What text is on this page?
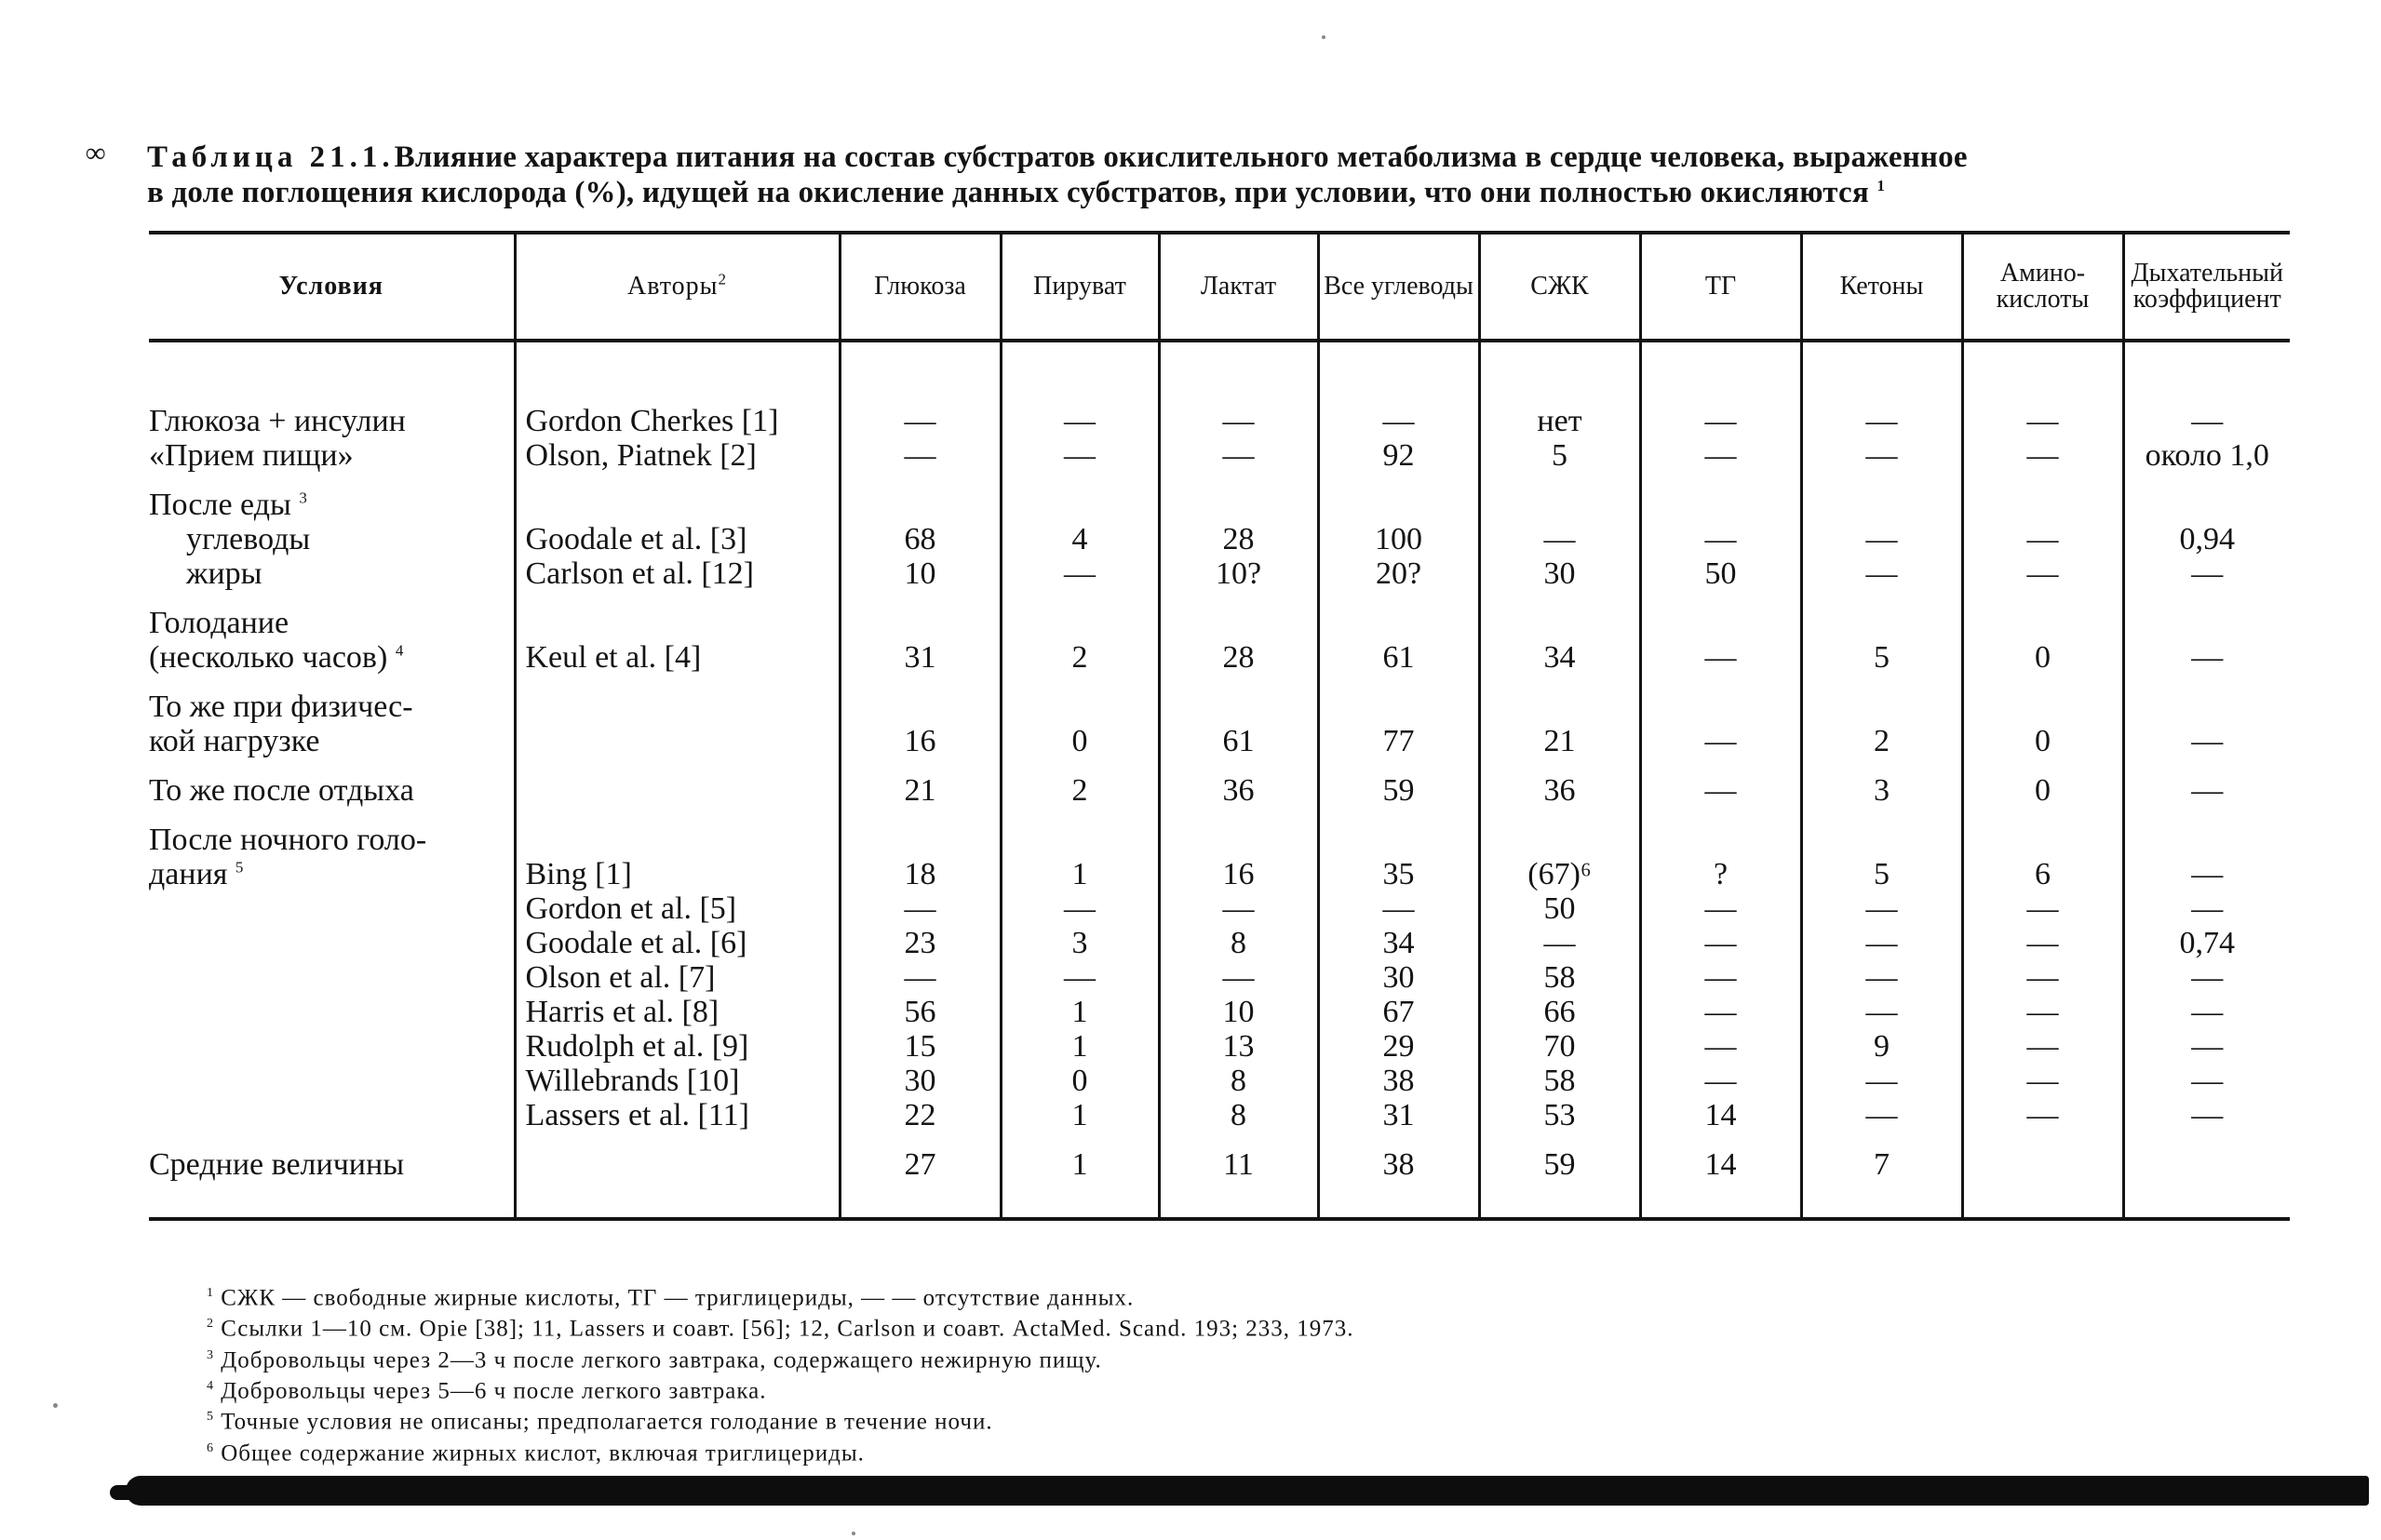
∞ Таблица 21.1.Влияние характера питания на состав субстратов окислительного метаболизма в сердце человека, выраженное
в доле поглощения кислорода (%), идущей на окисление данных субстратов, при условии, что они полностью окисляются $^1$
Условия	Авторы$^2$	Глюкоза	Пируват	Лактат	Все углеводы	СЖК	ТГ	Кетоны	Амино-кислоты	Дыхательный коэффициент

Глюкоза + инсулин	Gordon Cherkes [1]	—	—	—	—	нет	—	—	—	—
«Прием пищи»	Olson, Piatnek [2]	—	—	—	92	5	—	—	—	около 1,0
После еды $^3$										
углеводы	Goodale et al. [3]	68	4	28	100	—	—	—	—	0,94
жиры	Carlson et al. [12]	10	—	10?	20?	30	50	—	—	—
Голодание										
(несколько часов) $^4$	Keul et al. [4]	31	2	28	61	34	—	5	0	—
То же при физичес-										
кой нагрузке		16	0	61	77	21	—	2	0	—
То же после отдыха		21	2	36	59	36	—	3	0	—
После ночного голо-										
дания $^5$	Bing [1]	18	1	16	35	(67)⁶	?	5	6	—
	Gordon et al. [5]	—	—	—	—	50	—	—	—	—
	Goodale et al. [6]	23	3	8	34	—	—	—	—	0,74
	Olson et al. [7]	—	—	—	30	58	—	—	—	—
	Harris et al. [8]	56	1	10	67	66	—	—	—	—
	Rudolph et al. [9]	15	1	13	29	70	—	9	—	—
	Willebrands [10]	30	0	8	38	58	—	—	—	—
	Lassers et al. [11]	22	1	8	31	53	14	—	—	—
Средние величины		27	1	11	38	59	14	7		
$^1$ СЖК — свободные жирные кислоты, ТГ — триглицериды, — — отсутствие данных.
$^2$ Ссылки 1—10 см. Opie [38]; 11, Lassers и соавт. [56]; 12, Carlson и соавт. ActaMed. Scand. 193; 233, 1973.
$^3$ Добровольцы через 2—3 ч после легкого завтрака, содержащего нежирную пищу.
$^4$ Добровольцы через 5—6 ч после легкого завтрака.
$^5$ Точные условия не описаны; предполагается голодание в течение ночи.
$^6$ Общее содержание жирных кислот, включая триглицериды.
